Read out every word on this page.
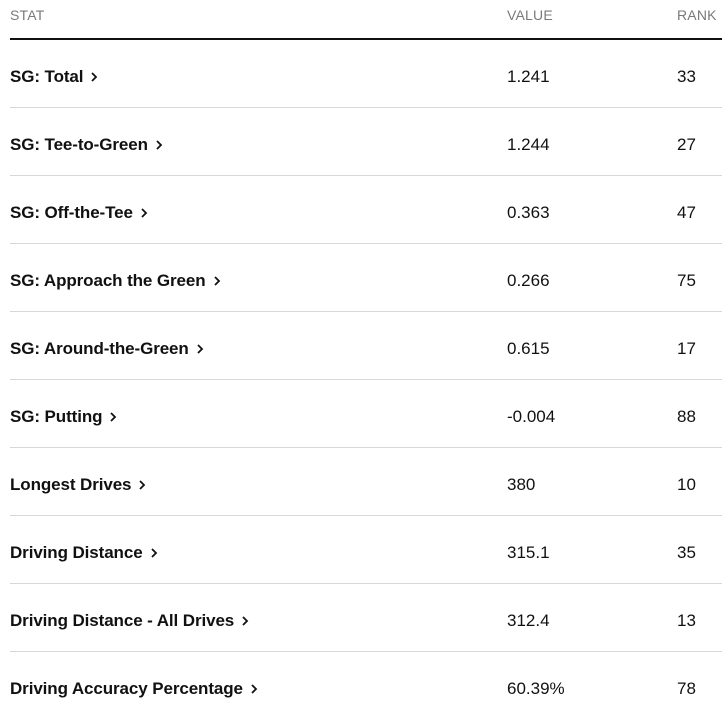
STAT	VALUE	RANK
SG: Total	1.241	33
SG: Tee-to-Green	1.244	27
SG: Off-the-Tee	0.363	47
SG: Approach the Green	0.266	75
SG: Around-the-Green	0.615	17
SG: Putting	-0.004	88
Longest Drives	380	10
Driving Distance	315.1	35
Driving Distance - All Drives	312.4	13
Driving Accuracy Percentage	60.39%	78
